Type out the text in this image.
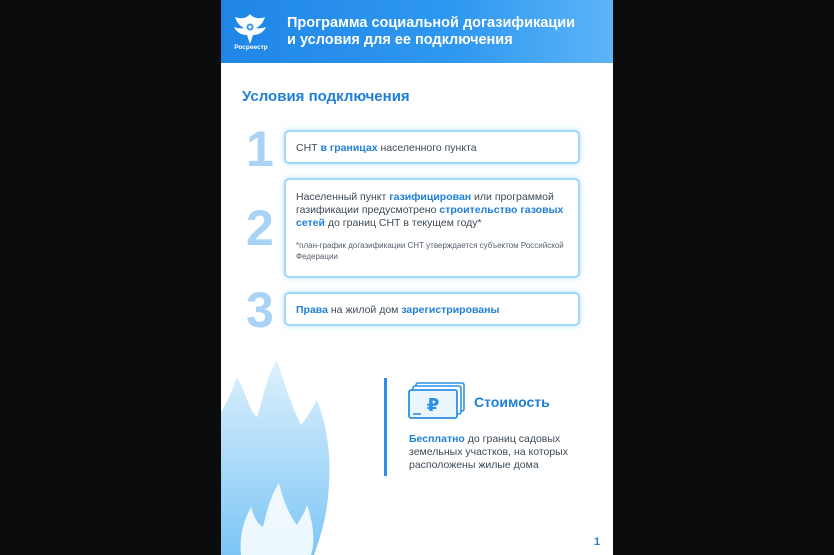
Росреестр
Программа социальной догазификации
и условия для ее подключения
Условия подключения
1	СНТ в границах населенного пункта
2
Населенный пункт газифицирован или программой газификации предусмотрено строительство газовых сетей до границ СНТ в текущем году*
*план-график догазификации СНТ утверждается субъектом Российской Федерации
3	Права на жилой дом зарегистрированы
₽ Стоимость
Бесплатно до границ садовых земельных участков, на которых расположены жилые дома
1
